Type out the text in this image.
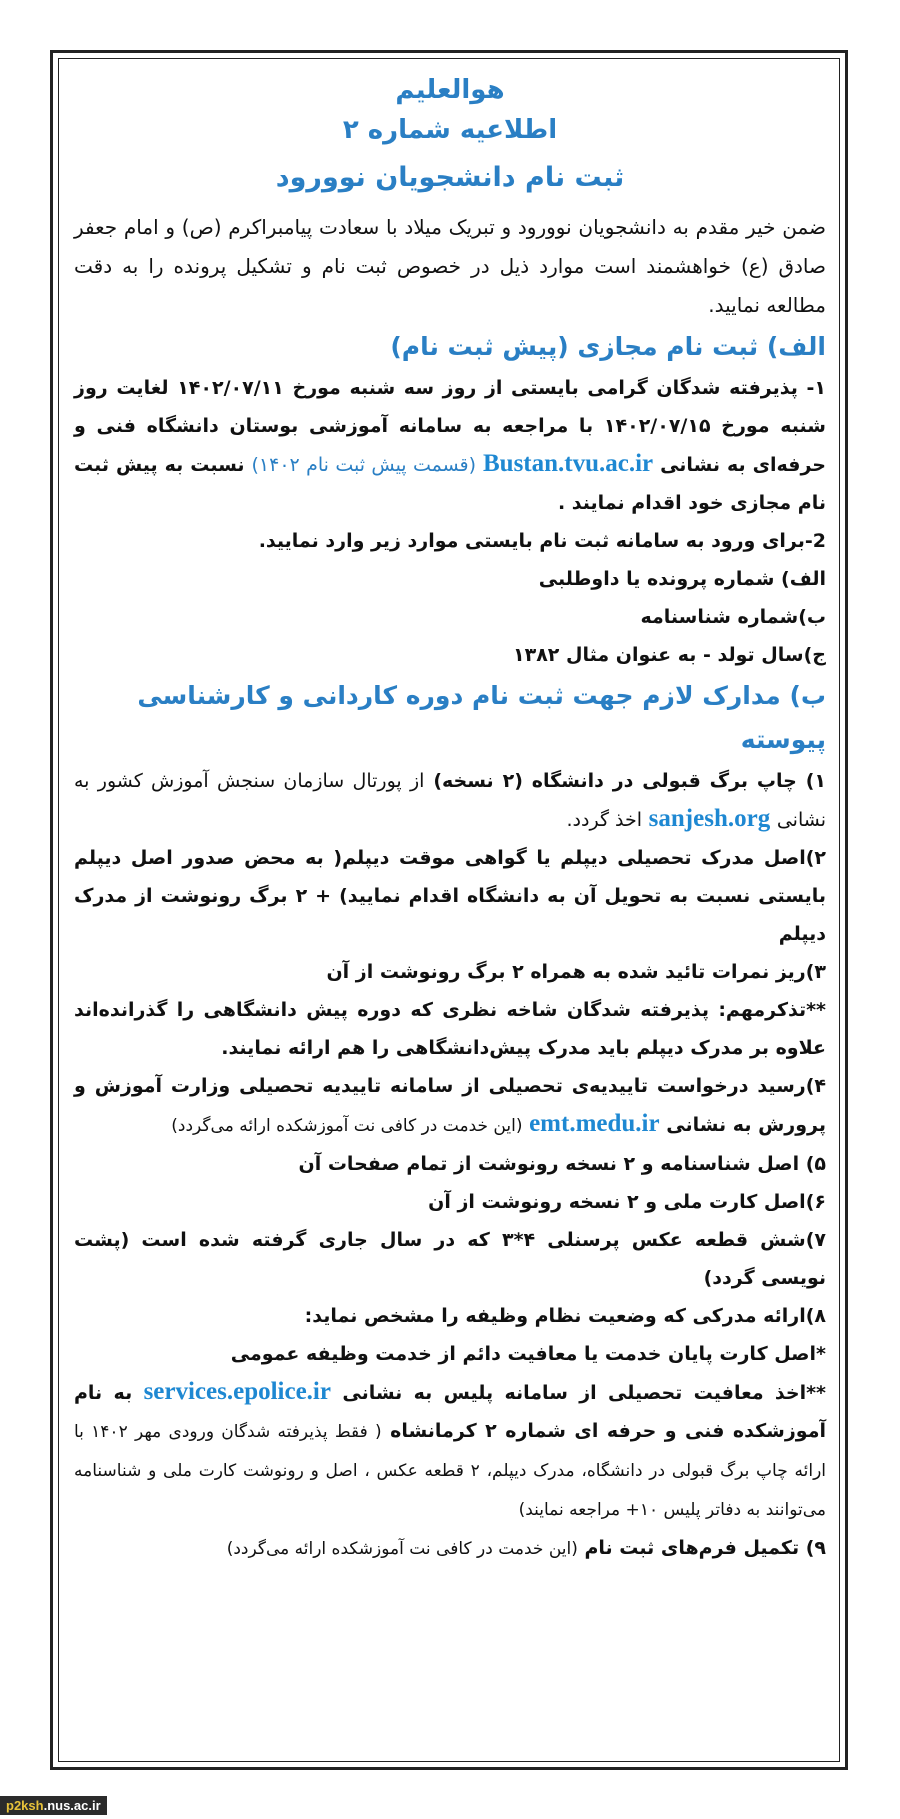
هوالعلیم
اطلاعیه شماره ۲
ثبت نام دانشجویان نوورود
ضمن خیر مقدم به دانشجویان نوورود و تبریک میلاد با سعادت پیامبراکرم (ص) و امام جعفر صادق (ع) خواهشمند است موارد ذیل در خصوص ثبت نام و تشکیل پرونده را به دقت مطالعه نمایید.
الف) ثبت نام مجازی (پیش ثبت نام)
۱- پذیرفته شدگان گرامی بایستی از روز سه شنبه مورخ ۱۴۰۲/۰۷/۱۱ لغایت روز شنبه مورخ ۱۴۰۲/۰۷/۱۵ با مراجعه به سامانه آموزشی بوستان دانشگاه فنی و حرفه‌ای به نشانی Bustan.tvu.ac.ir (قسمت پیش ثبت نام ۱۴۰۲) نسبت به پیش ثبت نام مجازی خود اقدام نمایند .
2-برای ورود به سامانه ثبت نام بایستی موارد زیر وارد نمایید.
الف) شماره پرونده یا داوطلبی
ب)شماره شناسنامه
ج)سال تولد - به عنوان مثال ۱۳۸۲
ب) مدارک لازم جهت ثبت نام دوره کاردانی و کارشناسی پیوسته
۱) چاپ برگ قبولی در دانشگاه (۲ نسخه) از پورتال سازمان سنجش آموزش کشور به نشانی sanjesh.org اخذ گردد.
۲)اصل مدرک تحصیلی دیپلم یا گواهی موقت دیپلم( به محض صدور اصل دیپلم بایستی نسبت به تحویل آن به دانشگاه اقدام نمایید) + ۲ برگ رونوشت از مدرک دیپلم
۳)ریز نمرات تائید شده به همراه ۲ برگ رونوشت از آن
**تذکرمهم: پذیرفته شدگان شاخه نظری که دوره پیش دانشگاهی را گذرانده‌اند علاوه بر مدرک دیپلم باید مدرک پیش‌دانشگاهی را هم ارائه نمایند.
۴)رسید درخواست تاییدیه‌ی تحصیلی از سامانه تاییدیه تحصیلی وزارت آموزش و پرورش به نشانی emt.medu.ir (این خدمت در کافی نت آموزشکده ارائه می‌گردد)
۵) اصل شناسنامه و ۲ نسخه رونوشت از تمام صفحات آن
۶)اصل کارت ملی و ۲ نسخه رونوشت از آن
۷)شش قطعه عکس پرسنلی ۴*۳ که در سال جاری گرفته شده است (پشت نویسی گردد)
۸)ارائه مدرکی که وضعیت نظام وظیفه را مشخص نماید:
*اصل کارت پایان خدمت یا معافیت دائم از خدمت وظیفه عمومی
**اخذ معافیت تحصیلی از سامانه پلیس به نشانی services.epolice.ir به نام آموزشکده فنی و حرفه ای شماره ۲ کرمانشاه ( فقط پذیرفته شدگان ورودی مهر ۱۴۰۲ با ارائه چاپ برگ قبولی در دانشگاه، مدرک دیپلم، ۲ قطعه عکس ، اصل و رونوشت کارت ملی و شناسنامه می‌توانند به دفاتر پلیس ۱۰+ مراجعه نمایند)
۹) تکمیل فرم‌های ثبت نام (این خدمت در کافی نت آموزشکده ارائه می‌گردد)
p2ksh.nus.ac.ir
